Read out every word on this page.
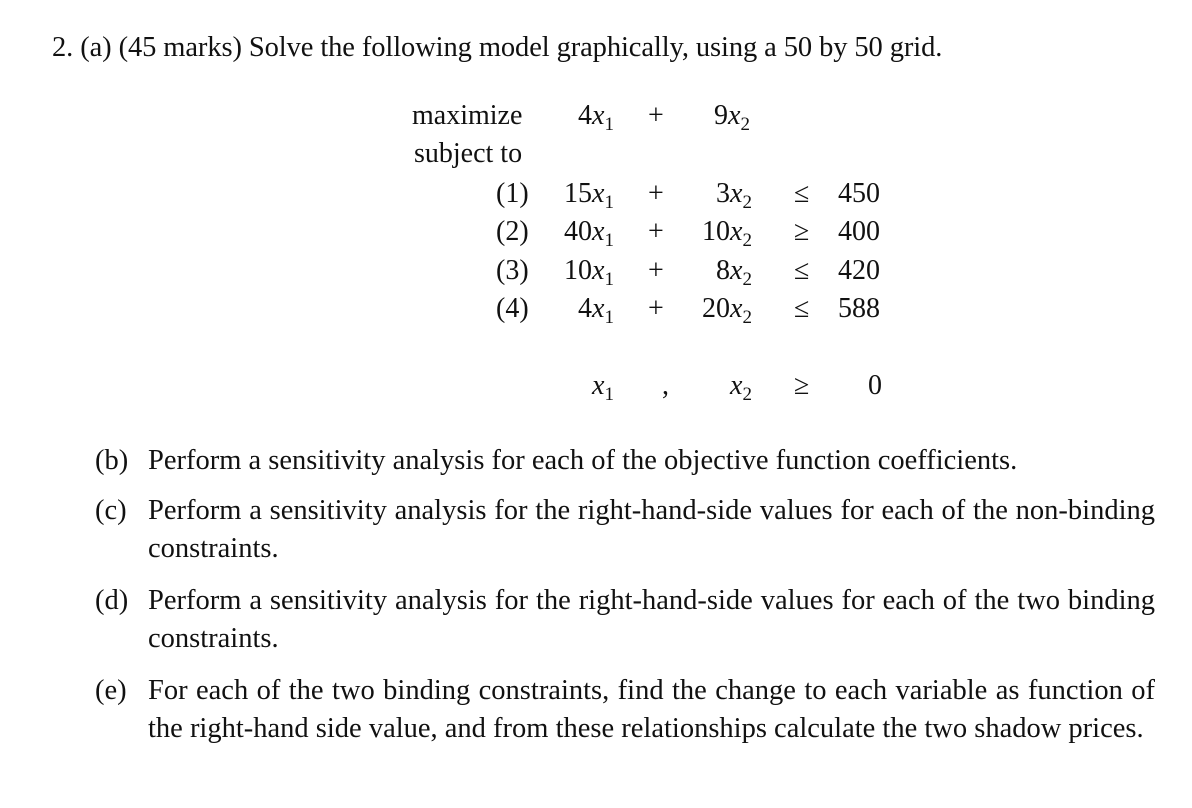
2. (a) (45 marks) Solve the following model graphically, using a 50 by 50 grid.
maximize $4x_1 + 9x_2$
subject to
(1) $15x_1 + 3x_2 \le 450$
(2) $40x_1 + 10x_2 \ge 400$
(3) $10x_1 + 8x_2 \le 420$
(4) $4x_1 + 20x_2 \le 588$
$x_1$ , $x_2 \ge 0$
(b) Perform a sensitivity analysis for each of the objective function coefficients.
(c) Perform a sensitivity analysis for the right-hand-side values for each of the non-binding constraints.
(d) Perform a sensitivity analysis for the right-hand-side values for each of the two binding constraints.
(e) For each of the two binding constraints, find the change to each variable as function of the right-hand side value, and from these relationships calculate the two shadow prices.
